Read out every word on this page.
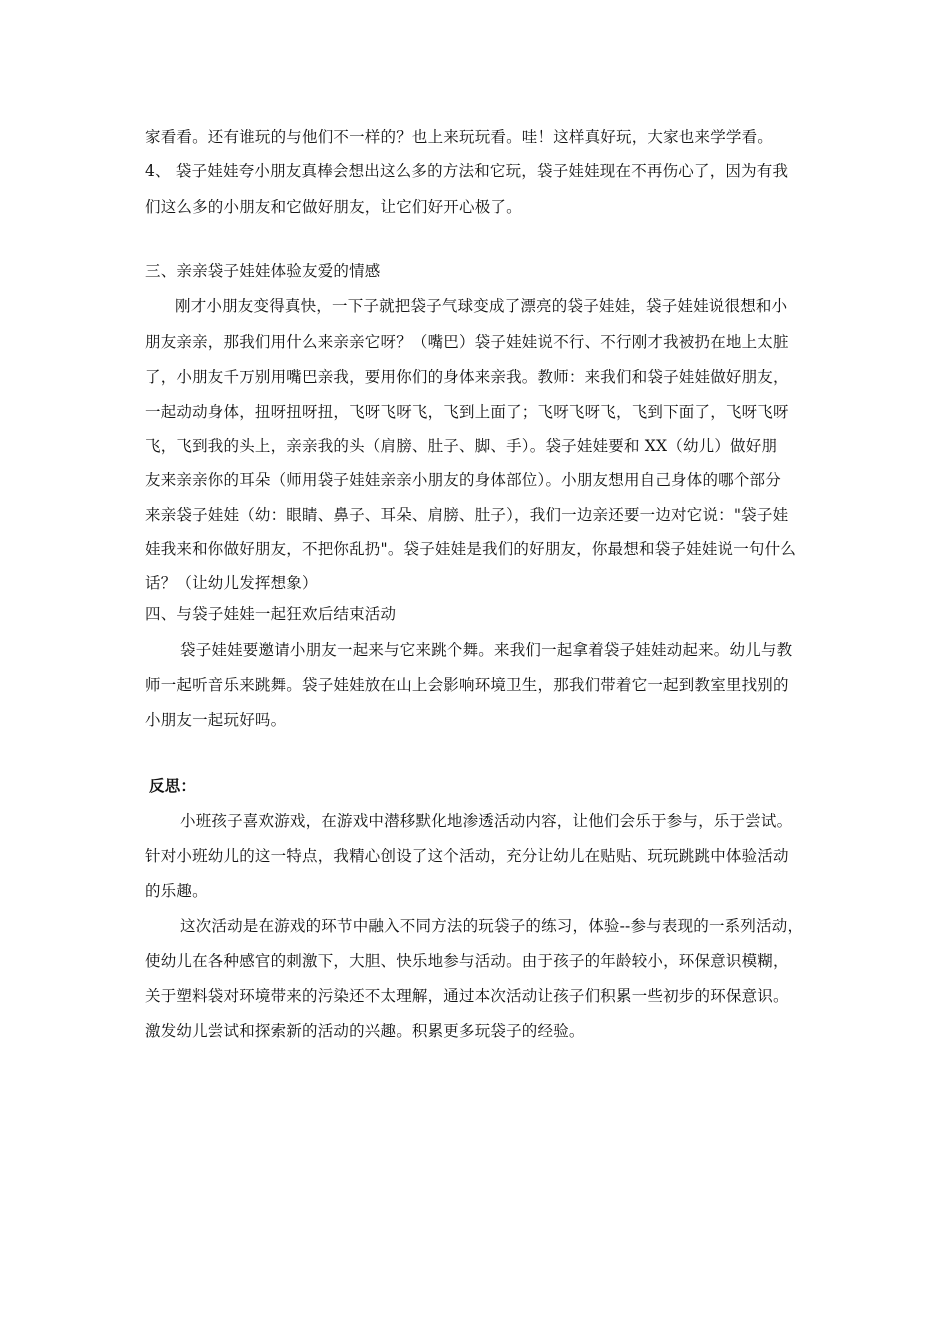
家看看。还有谁玩的与他们不一样的？也上来玩玩看。哇！这样真好玩，大家也来学学看。
4、 袋子娃娃夸小朋友真棒会想出这么多的方法和它玩，袋子娃娃现在不再伤心了，因为有我
们这么多的小朋友和它做好朋友，让它们好开心极了。
三、亲亲袋子娃娃体验友爱的情感
刚才小朋友变得真快，一下子就把袋子气球变成了漂亮的袋子娃娃，袋子娃娃说很想和小
朋友亲亲，那我们用什么来亲亲它呀？（嘴巴）袋子娃娃说不行、不行刚才我被扔在地上太脏
了，小朋友千万别用嘴巴亲我，要用你们的身体来亲我。教师：来我们和袋子娃娃做好朋友，
一起动动身体，扭呀扭呀扭，飞呀飞呀飞，飞到上面了；飞呀飞呀飞，飞到下面了，飞呀飞呀
飞，飞到我的头上，亲亲我的头（肩膀、肚子、脚、手）。袋子娃娃要和 XX（幼儿）做好朋
友来亲亲你的耳朵（师用袋子娃娃亲亲小朋友的身体部位）。小朋友想用自己身体的哪个部分
来亲袋子娃娃（幼：眼睛、鼻子、耳朵、肩膀、肚子），我们一边亲还要一边对它说："袋子娃
娃我来和你做好朋友，不把你乱扔"。袋子娃娃是我们的好朋友，你最想和袋子娃娃说一句什么
话？（让幼儿发挥想象）
四、与袋子娃娃一起狂欢后结束活动
袋子娃娃要邀请小朋友一起来与它来跳个舞。来我们一起拿着袋子娃娃动起来。幼儿与教
师一起听音乐来跳舞。袋子娃娃放在山上会影响环境卫生，那我们带着它一起到教室里找别的
小朋友一起玩好吗。
反思：
小班孩子喜欢游戏，在游戏中潜移默化地渗透活动内容，让他们会乐于参与，乐于尝试。
针对小班幼儿的这一特点，我精心创设了这个活动，充分让幼儿在贴贴、玩玩跳跳中体验活动
的乐趣。
这次活动是在游戏的环节中融入不同方法的玩袋子的练习，体验--参与表现的一系列活动，
使幼儿在各种感官的刺激下，大胆、快乐地参与活动。由于孩子的年龄较小，环保意识模糊，
关于塑料袋对环境带来的污染还不太理解，通过本次活动让孩子们积累一些初步的环保意识。
激发幼儿尝试和探索新的活动的兴趣。积累更多玩袋子的经验。
